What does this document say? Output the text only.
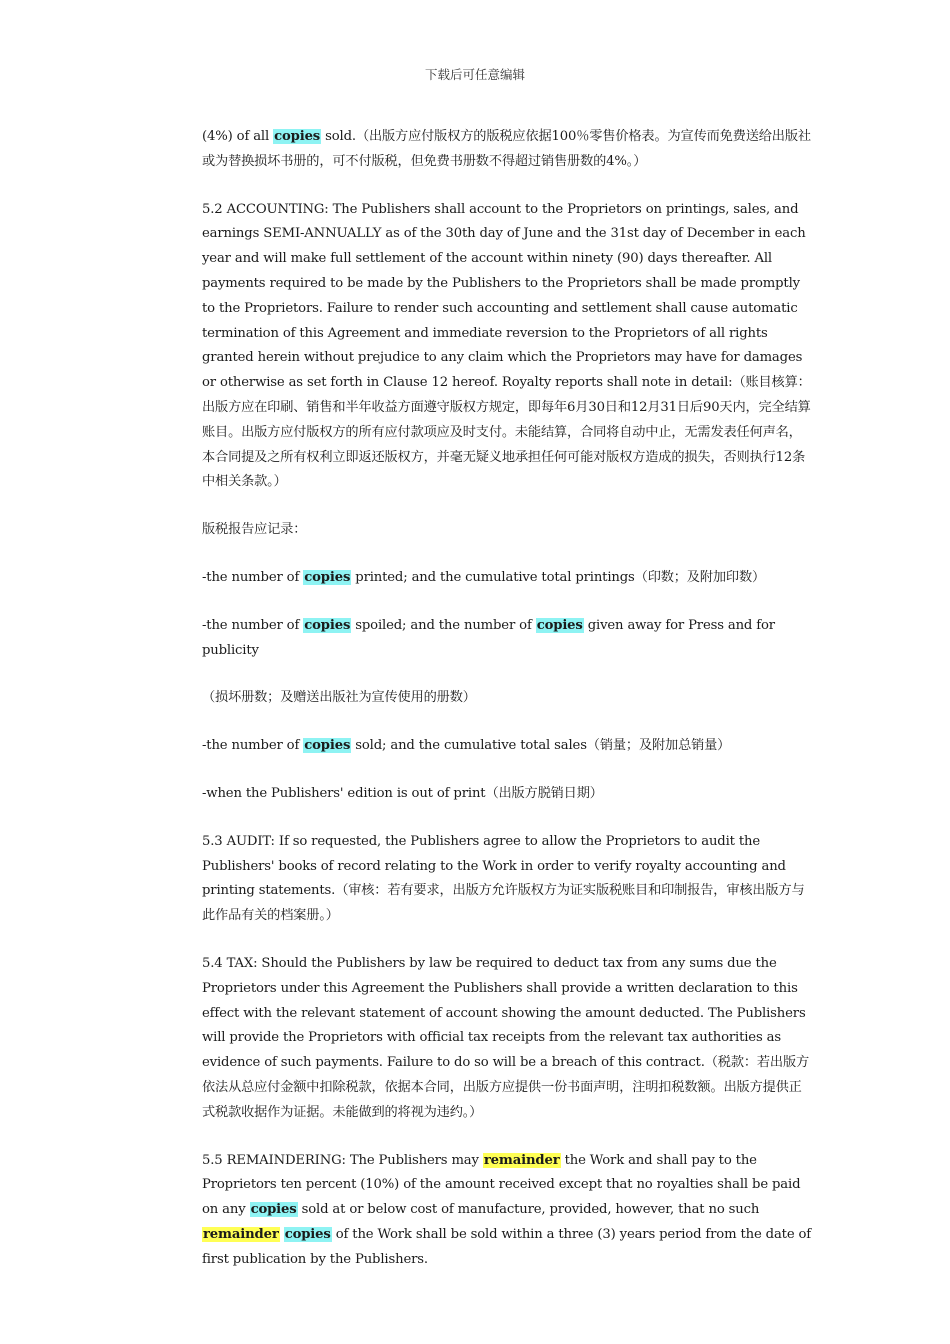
下载后可任意编辑

(4%) of all copies sold.（出版方应付版权方的版税应依据100％零售价格表。为宣传而免费送给出版社或为替换损坏书册的，可不付版税，但免费书册数不得超过销售册数的4%。）

5.2 ACCOUNTING: The Publishers shall account to the Proprietors on printings, sales, and earnings SEMI-ANNUALLY as of the 30th day of June and the 31st day of December in each year and will make full settlement of the account within ninety (90) days thereafter. All payments required to be made by the Publishers to the Proprietors shall be made promptly to the Proprietors. Failure to render such accounting and settlement shall cause automatic termination of this Agreement and immediate reversion to the Proprietors of all rights granted herein without prejudice to any claim which the Proprietors may have for damages or otherwise as set forth in Clause 12 hereof. Royalty reports shall note in detail:（账目核算：出版方应在印刷、销售和半年收益方面遵守版权方规定，即每年6月30日和12月31日后90天内，完全结算账目。出版方应付版权方的所有应付款项应及时支付。未能结算，合同将自动中止，无需发表任何声名，本合同提及之所有权利立即返还版权方，并毫无疑义地承担任何可能对版权方造成的损失，否则执行12条中相关条款。）

版税报告应记录：

-the number of copies printed; and the cumulative total printings（印数；及附加印数）

-the number of copies spoiled; and the number of copies given away for Press and for publicity

（损坏册数；及赠送出版社为宣传使用的册数）

-the number of copies sold; and the cumulative total sales（销量；及附加总销量）

-when the Publishers' edition is out of print（出版方脱销日期）

5.3 AUDIT: If so requested, the Publishers agree to allow the Proprietors to audit the Publishers' books of record relating to the Work in order to verify royalty accounting and printing statements.（审核：若有要求，出版方允许版权方为证实版税账目和印制报告，审核出版方与此作品有关的档案册。）

5.4 TAX: Should the Publishers by law be required to deduct tax from any sums due the Proprietors under this Agreement the Publishers shall provide a written declaration to this effect with the relevant statement of account showing the amount deducted. The Publishers will provide the Proprietors with official tax receipts from the relevant tax authorities as evidence of such payments. Failure to do so will be a breach of this contract.（税款：若出版方依法从总应付金额中扣除税款，依据本合同，出版方应提供一份书面声明，注明扣税数额。出版方提供正式税款收据作为证据。未能做到的将视为违约。）

5.5 REMAINDERING: The Publishers may remainder the Work and shall pay to the Proprietors ten percent (10%) of the amount received except that no royalties shall be paid on any copies sold at or below cost of manufacture, provided, however, that no such remainder copies of the Work shall be sold within a three (3) years period from the date of first publication by the Publishers.
